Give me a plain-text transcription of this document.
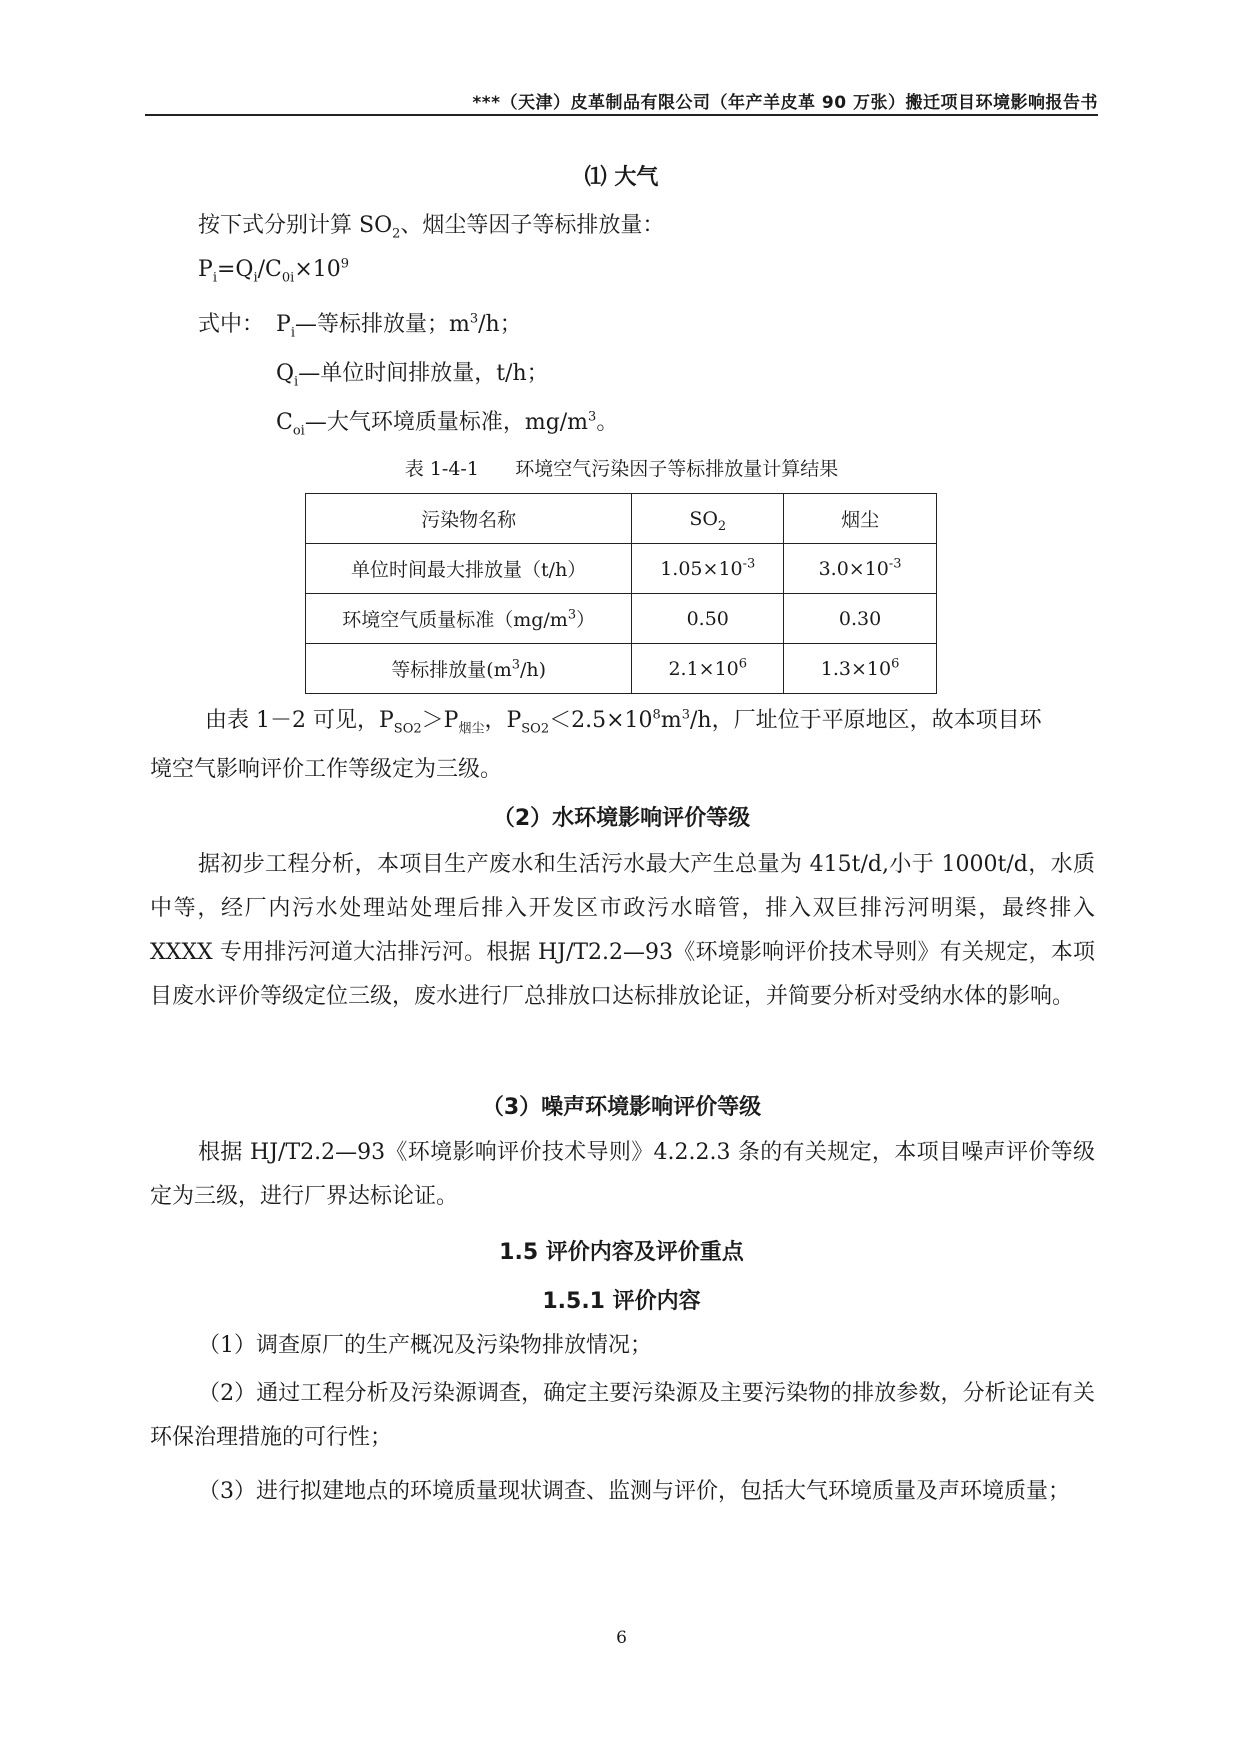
***（天津）皮革制品有限公司（年产羊皮革 90 万张）搬迁项目环境影响报告书
⑴ 大气
按下式分别计算 $SO_2$、烟尘等因子等标排放量：
$P_i=Q_i/C_{0i}\times 10^9$
式中： $P_i—$等标排放量；$m^3/h$；
$Q_i—$单位时间排放量，t/h；
$C_{oi}—$大气环境质量标准，$mg/m^3$。
表 1-4-1 环境空气污染因子等标排放量计算结果
污染物名称	$SO_2$	烟尘
单位时间最大排放量（t/h）	$1.05\times 10^{-3}$	$3.0\times 10^{-3}$
环境空气质量标准$(mg/m^3)$	0.50	0.30
等标排放量$(m^3/h)$	$2.1\times 10^6$	$1.3\times 10^6$
由表 1－2 可见，$P_{SO2}>P_{烟尘}$，$P_{SO2}<2.5\times 10^8m^3/h$，厂址位于平原地区，故本项目环
境空气影响评价工作等级定为三级。
（2）水环境影响评价等级
据初步工程分析，本项目生产废水和生活污水最大产生总量为 415t/d,小于 1000t/d，水质中等，经厂内污水处理站处理后排入开发区市政污水暗管，排入双巨排污河明渠，最终排入 XXXX 专用排污河道大沽排污河。根据 HJ/T2.2—93《环境影响评价技术导则》有关规定，本项目废水评价等级定位三级，废水进行厂总排放口达标排放论证，并简要分析对受纳水体的影响。
（3）噪声环境影响评价等级
根据 HJ/T2.2—93《环境影响评价技术导则》4.2.2.3 条的有关规定，本项目噪声评价等级定为三级，进行厂界达标论证。
1.5 评价内容及评价重点
1.5.1 评价内容
（1）调查原厂的生产概况及污染物排放情况；
（2）通过工程分析及污染源调查，确定主要污染源及主要污染物的排放参数，分析论证有关环保治理措施的可行性；
（3）进行拟建地点的环境质量现状调查、监测与评价，包括大气环境质量及声环境质量；
6
